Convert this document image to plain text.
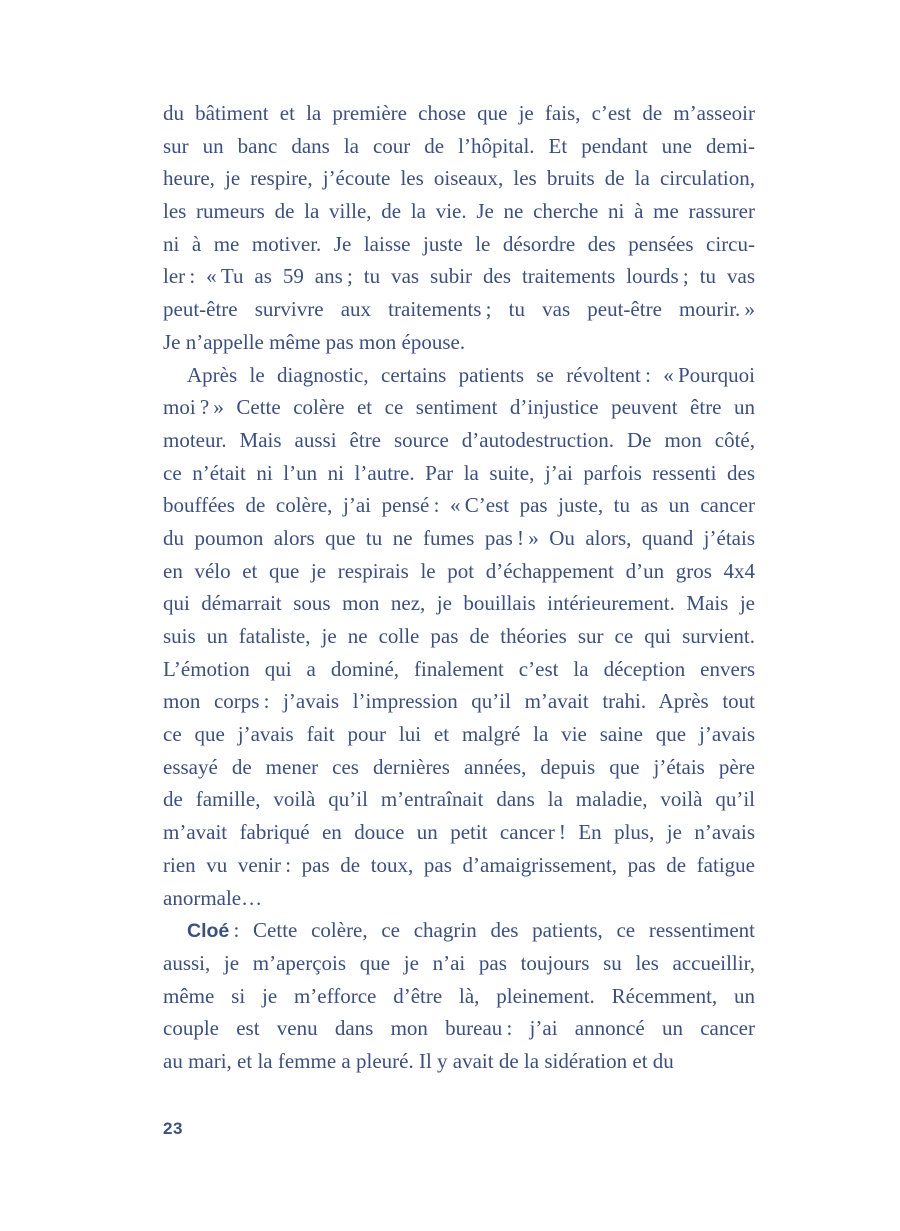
du bâtiment et la première chose que je fais, c’est de m’asseoir
sur un banc dans la cour de l’hôpital. Et pendant une demi-
heure, je respire, j’écoute les oiseaux, les bruits de la circulation,
les rumeurs de la ville, de la vie. Je ne cherche ni à me rassurer
ni à me motiver. Je laisse juste le désordre des pensées circu-
ler : « Tu as 59 ans ; tu vas subir des traitements lourds ; tu vas
peut-être survivre aux traitements ; tu vas peut-être mourir. »
Je n’appelle même pas mon épouse.
Après le diagnostic, certains patients se révoltent : « Pourquoi
moi ? » Cette colère et ce sentiment d’injustice peuvent être un
moteur. Mais aussi être source d’autodestruction. De mon côté,
ce n’était ni l’un ni l’autre. Par la suite, j’ai parfois ressenti des
bouffées de colère, j’ai pensé : « C’est pas juste, tu as un cancer
du poumon alors que tu ne fumes pas ! » Ou alors, quand j’étais
en vélo et que je respirais le pot d’échappement d’un gros 4x4
qui démarrait sous mon nez, je bouillais intérieurement. Mais je
suis un fataliste, je ne colle pas de théories sur ce qui survient.
L’émotion qui a dominé, finalement c’est la déception envers
mon corps : j’avais l’impression qu’il m’avait trahi. Après tout
ce que j’avais fait pour lui et malgré la vie saine que j’avais
essayé de mener ces dernières années, depuis que j’étais père
de famille, voilà qu’il m’entraînait dans la maladie, voilà qu’il
m’avait fabriqué en douce un petit cancer ! En plus, je n’avais
rien vu venir : pas de toux, pas d’amaigrissement, pas de fatigue
anormale…
Cloé : Cette colère, ce chagrin des patients, ce ressentiment
aussi, je m’aperçois que je n’ai pas toujours su les accueillir,
même si je m’efforce d’être là, pleinement. Récemment, un
couple est venu dans mon bureau : j’ai annoncé un cancer
au mari, et la femme a pleuré. Il y avait de la sidération et du
23
